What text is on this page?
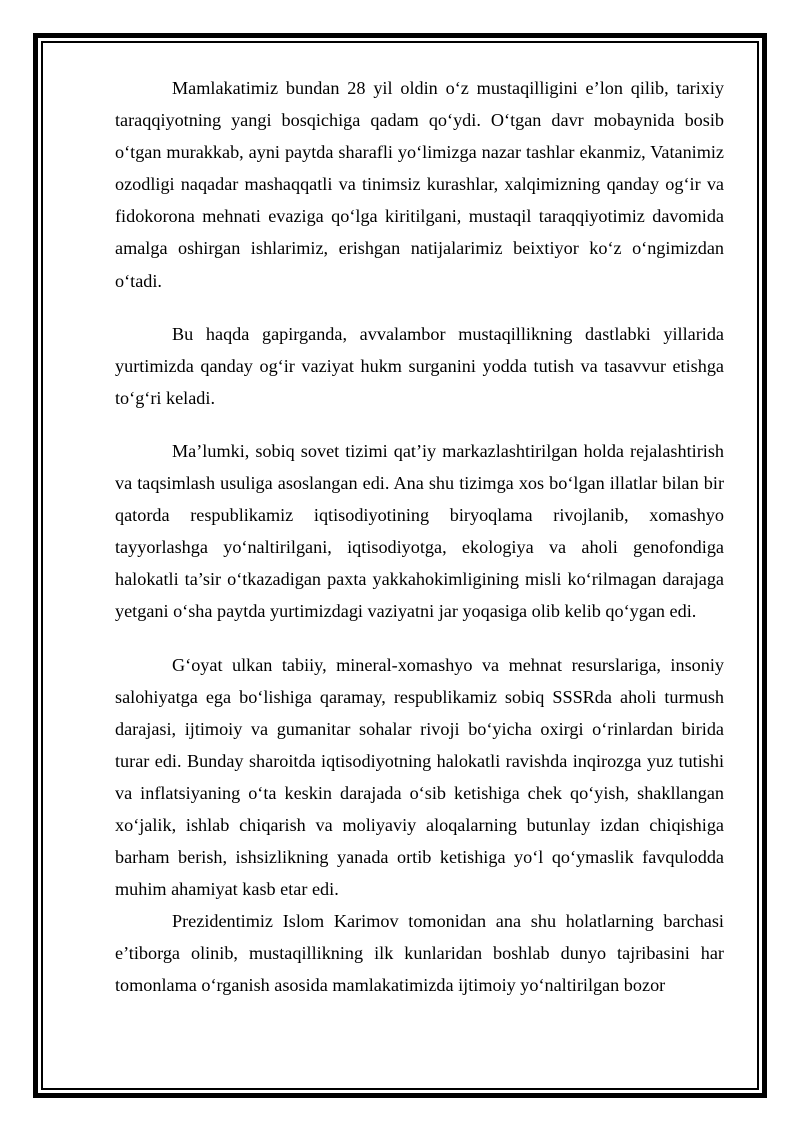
Mamlakatimiz bundan 28 yil oldin o‘z mustaqilligini e’lon qilib, tarixiy taraqqiyotning yangi bosqichiga qadam qo‘ydi. O‘tgan davr mobaynida bosib o‘tgan murakkab, ayni paytda sharafli yo‘limizga nazar tashlar ekanmiz, Vatanimiz ozodligi naqadar mashaqqatli va tinimsiz kurashlar, xalqimizning qanday og‘ir va fidokorona mehnati evaziga qo‘lga kiritilgani, mustaqil taraqqiyotimiz davomida amalga oshirgan ishlarimiz, erishgan natijalarimiz beixtiyor ko‘z o‘ngimizdan o‘tadi.

Bu haqda gapirganda, avvalambor mustaqillikning dastlabki yillarida yurtimizda qanday og‘ir vaziyat hukm surganini yodda tutish va tasavvur etishga to‘g‘ri keladi.

Ma’lumki, sobiq sovet tizimi qat’iy markazlashtirilgan holda rejalashtirish va taqsimlash usuliga asoslangan edi. Ana shu tizimga xos bo‘lgan illatlar bilan bir qatorda respublikamiz iqtisodiyotining biryoqlama rivojlanib, xomashyo tayyorlashga yo‘naltirilgani, iqtisodiyotga, ekologiya va aholi genofondiga halokatli ta’sir o‘tkazadigan paxta yakkahokimligining misli ko‘rilmagan darajaga yetgani o‘sha paytda yurtimizdagi vaziyatni jar yoqasiga olib kelib qo‘ygan edi.

G‘oyat ulkan tabiiy, mineral-xomashyo va mehnat resurslariga, insoniy salohiyatga ega bo‘lishiga qaramay, respublikamiz sobiq SSSRda aholi turmush darajasi, ijtimoiy va gumanitar sohalar rivoji bo‘yicha oxirgi o‘rinlardan birida turar edi. Bunday sharoitda iqtisodiyotning halokatli ravishda inqirozga yuz tutishi va inflatsiyaning o‘ta keskin darajada o‘sib ketishiga chek qo‘yish, shakllangan xo‘jalik, ishlab chiqarish va moliyaviy aloqalarning butunlay izdan chiqishiga barham berish, ishsizlikning yanada ortib ketishiga yo‘l qo‘ymaslik favqulodda muhim ahamiyat kasb etar edi.

Prezidentimiz Islom Karimov tomonidan ana shu holatlarning barchasi e’tiborga olinib, mustaqillikning ilk kunlaridan boshlab dunyo tajribasini har tomonlama o‘rganish asosida mamlakatimizda ijtimoiy yo‘naltirilgan bozor
